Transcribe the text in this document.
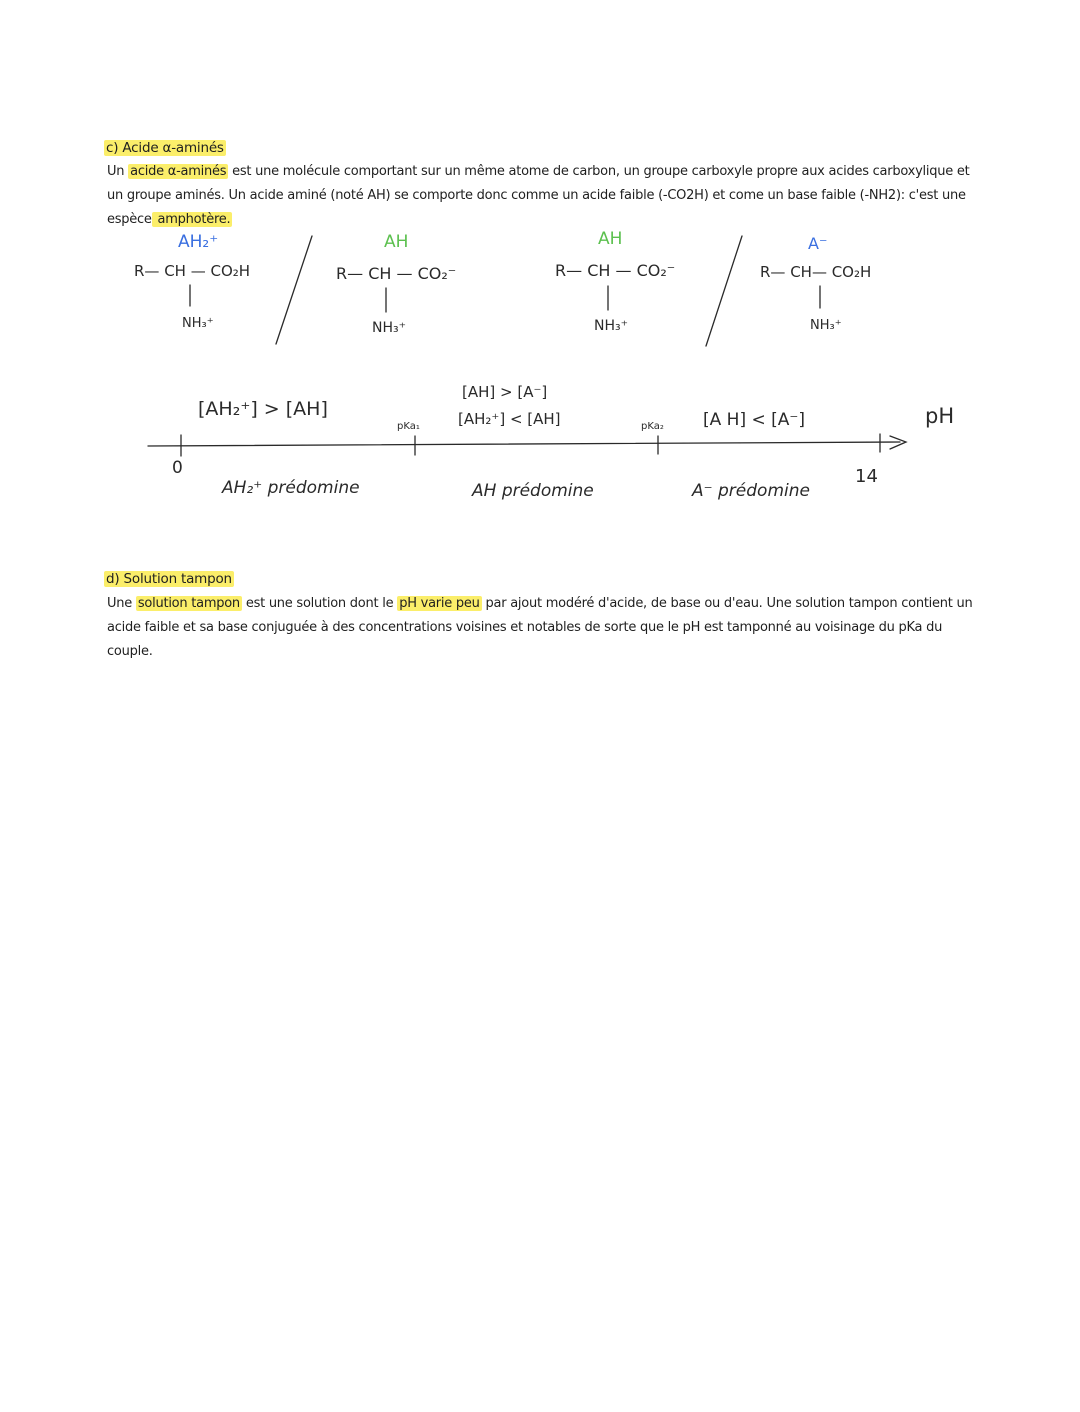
c) Acide α-aminés
Un acide α-aminés est une molécule comportant sur un même atome de carbon, un groupe carboxyle propre aux acides carboxylique et un groupe aminés. Un acide aminé (noté AH) se comporte donc comme un acide faible (-CO2H) et come un base faible (-NH2): c'est une espèce amphotère.
AH₂⁺
R— CH — CO₂H
NH₃⁺
AH
R— CH — CO₂⁻
NH₃⁺
AH
R— CH — CO₂⁻
NH₃⁺
A⁻
R— CH— CO₂H
NH₃⁺
[AH₂⁺] > [AH]
pKa₁
[AH] > [A⁻]
[AH₂⁺] < [AH]	pKa₂ [A H] < [A⁻]	pH
0	14
AH₂⁺ prédomine	AH prédomine	A⁻ prédomine
d) Solution tampon
Une solution tampon est une solution dont le pH varie peu par ajout modéré d'acide, de base ou d'eau. Une solution tampon contient un acide faible et sa base conjuguée à des concentrations voisines et notables de sorte que le pH est tamponné au voisinage du pKa du couple.
